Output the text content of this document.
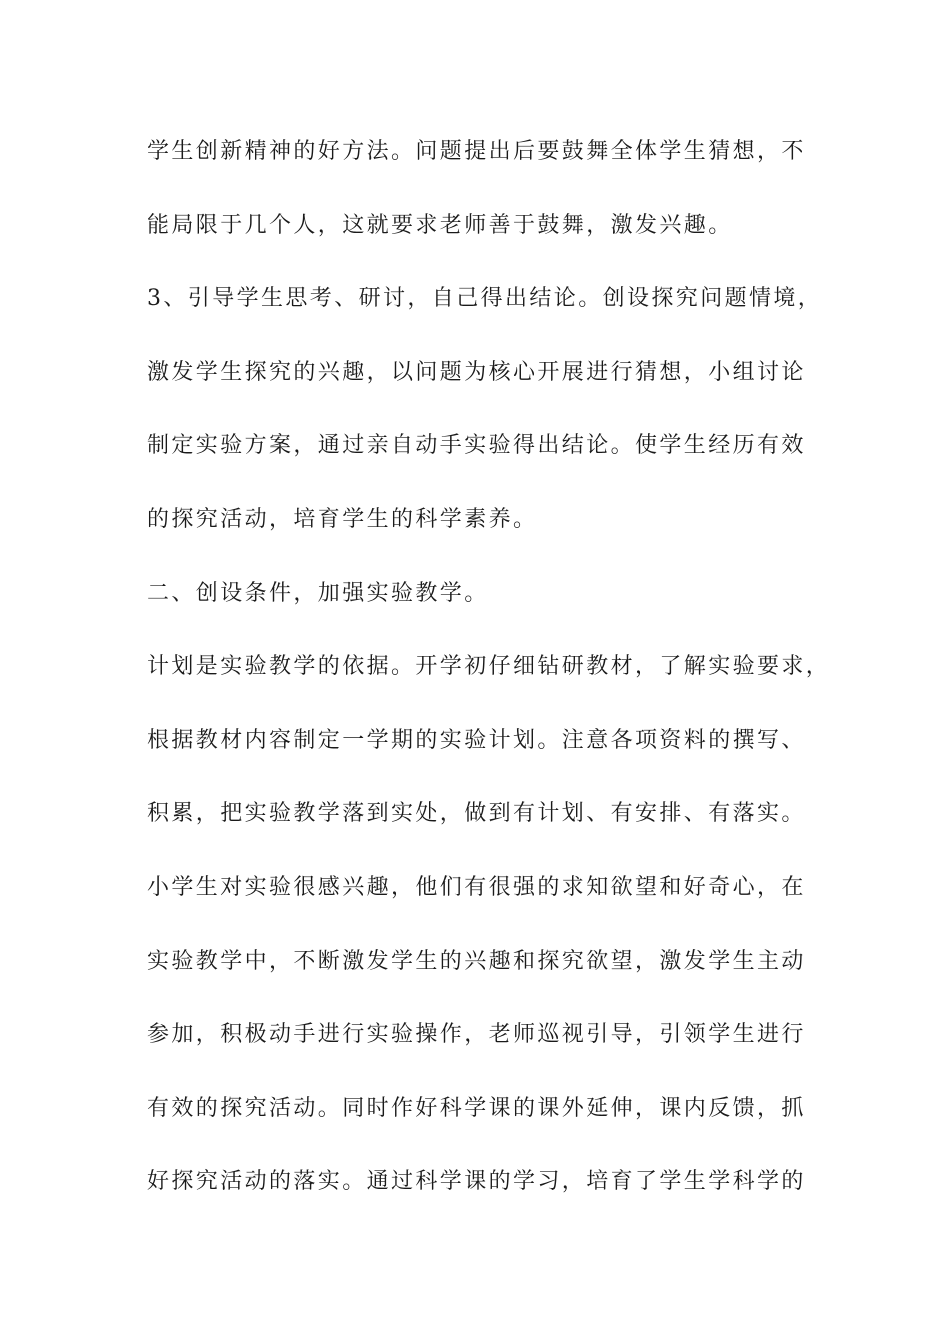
学生创新精神的好方法。问题提出后要鼓舞全体学生猜想，不
能局限于几个人，这就要求老师善于鼓舞，激发兴趣。
3、引导学生思考、研讨，自己得出结论。创设探究问题情境，
激发学生探究的兴趣，以问题为核心开展进行猜想，小组讨论
制定实验方案，通过亲自动手实验得出结论。使学生经历有效
的探究活动，培育学生的科学素养。
二、创设条件，加强实验教学。
计划是实验教学的依据。开学初仔细钻研教材，了解实验要求，
根据教材内容制定一学期的实验计划。注意各项资料的撰写、
积累，把实验教学落到实处，做到有计划、有安排、有落实。
小学生对实验很感兴趣，他们有很强的求知欲望和好奇心，在
实验教学中，不断激发学生的兴趣和探究欲望，激发学生主动
参加，积极动手进行实验操作，老师巡视引导，引领学生进行
有效的探究活动。同时作好科学课的课外延伸，课内反馈，抓
好探究活动的落实。通过科学课的学习，培育了学生学科学的
